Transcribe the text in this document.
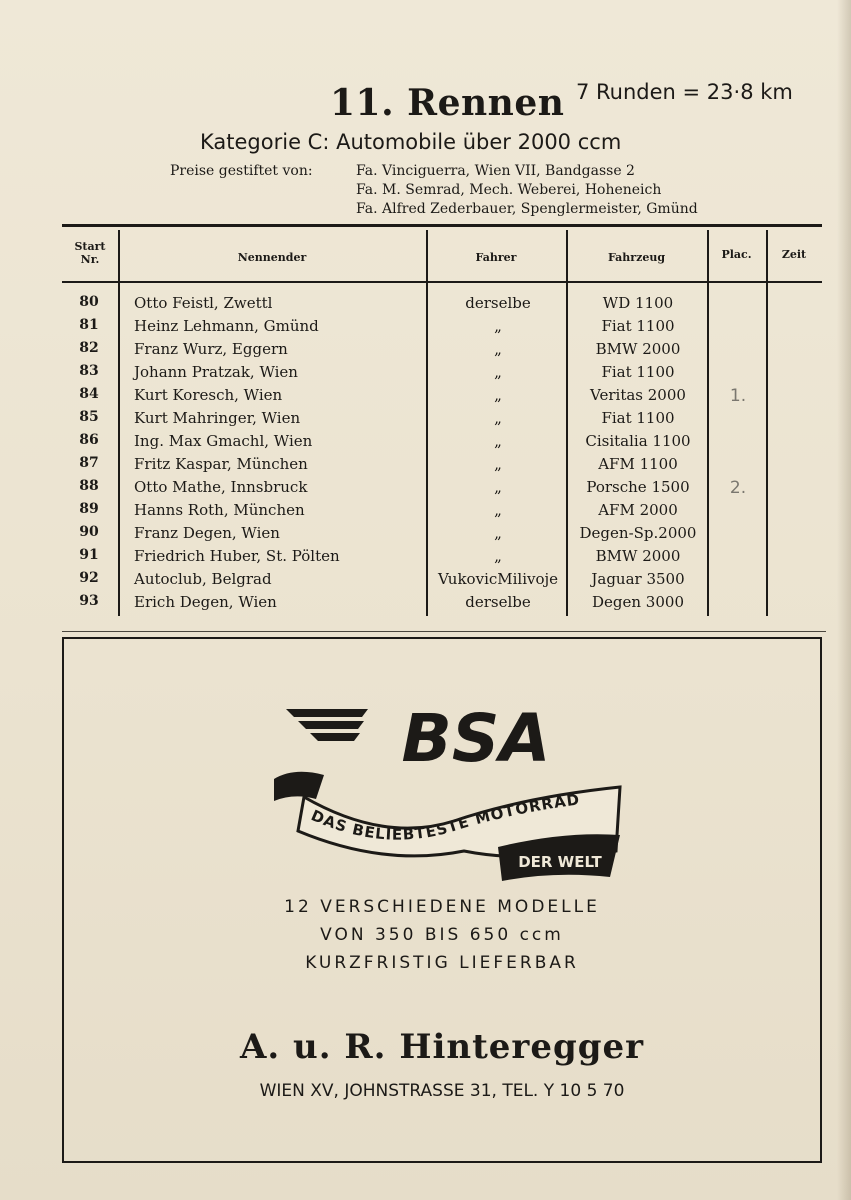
11. Rennen 7 Runden = 23·8 km
Kategorie C: Automobile über 2000 ccm
Preise gestiftet von:	Fa. Vinciguerra, Wien VII, Bandgasse 2
Fa. M. Semrad, Mech. Weberei, Hoheneich
Fa. Alfred Zederbauer, Spenglermeister, Gmünd
Start
Nr.	Nennender	Fahrer	Fahrzeug	Plac.	Zeit
80	Otto Feistl, Zwettl	derselbe	WD 1100
81	Heinz Lehmann, Gmünd	„	Fiat 1100
82	Franz Wurz, Eggern	„	BMW 2000
83	Johann Pratzak, Wien	„	Fiat 1100
84	Kurt Koresch, Wien	„	Veritas 2000	1.
85	Kurt Mahringer, Wien	„	Fiat 1100
86	Ing. Max Gmachl, Wien	„	Cisitalia 1100
87	Fritz Kaspar, München	„	AFM 1100
88	Otto Mathe, Innsbruck	„	Porsche 1500	2.
89	Hanns Roth, München	„	AFM 2000
90	Franz Degen, Wien	„	Degen-Sp.2000
91	Friedrich Huber, St. Pölten	„	BMW 2000
92	Autoclub, Belgrad	VukovicMilivoje	Jaguar 3500
93	Erich Degen, Wien	derselbe	Degen 3000
BSA
DAS BELIEBTESTE MOTORRAD
DER WELT
12 VERSCHIEDENE MODELLE
VON 350 BIS 650 ccm
KURZFRISTIG LIEFERBAR
A. u. R. Hinteregger
WIEN XV, JOHNSTRASSE 31, TEL. Y 10 5 70
